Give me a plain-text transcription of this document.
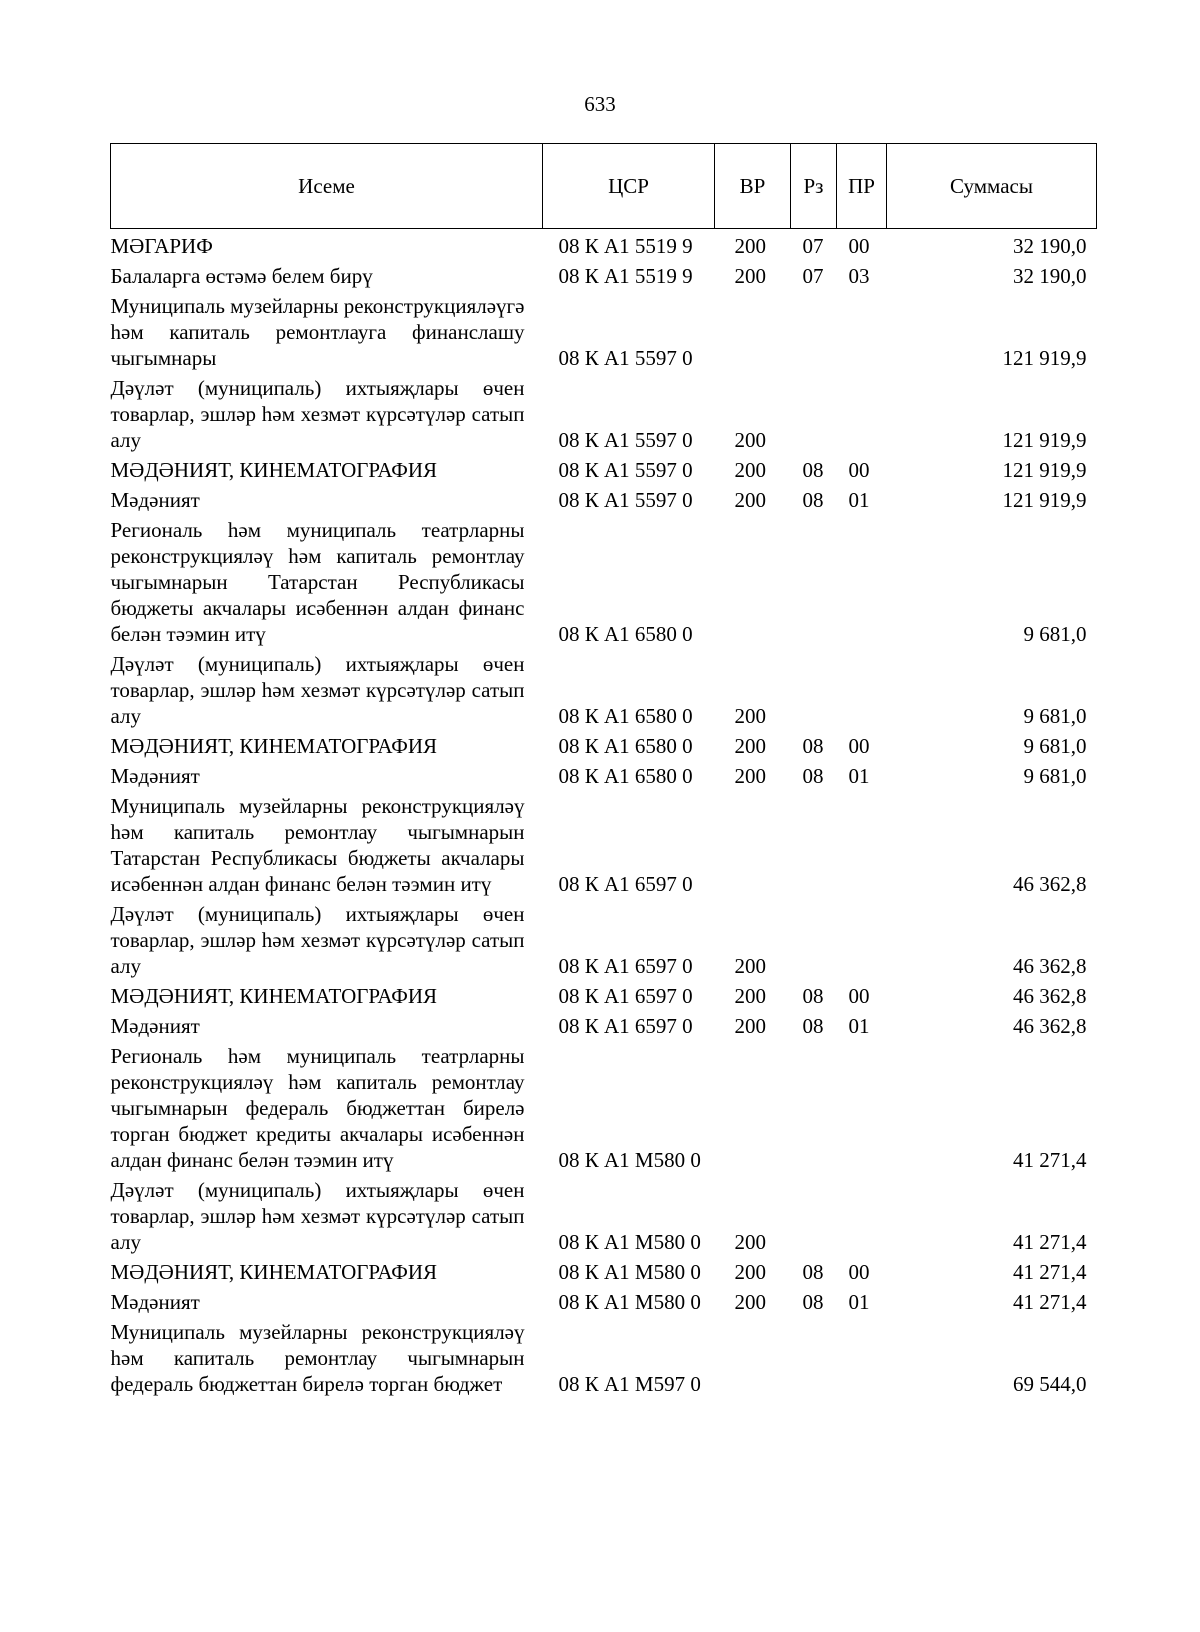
633
Исеме	ЦСР	ВР	Рз	ПР	Суммасы
МӘГАРИФ	08 К А1 5519 9	200	07	00	32 190,0
Балаларга өстәмә белем бирү	08 К А1 5519 9	200	07	03	32 190,0
Муниципаль музейларны реконструкцияләүгә һәм капиталь ремонтлауга финанслашу чыгымнары	08 К А1 5597 0				121 919,9
Дәүләт (муниципаль) ихтыяҗлары өчен товарлар, эшләр һәм хезмәт күрсәтүләр сатып алу	08 К А1 5597 0	200			121 919,9
МӘДӘНИЯТ, КИНЕМАТОГРАФИЯ	08 К А1 5597 0	200	08	00	121 919,9
Мәдәният	08 К А1 5597 0	200	08	01	121 919,9
Региональ һәм муниципаль театрларны реконструкцияләү һәм капиталь ремонтлау чыгымнарын Татарстан Республикасы бюджеты акчалары исәбеннән алдан финанс белән тәэмин итү	08 К А1 6580 0				9 681,0
Дәүләт (муниципаль) ихтыяҗлары өчен товарлар, эшләр һәм хезмәт күрсәтүләр сатып алу	08 К А1 6580 0	200			9 681,0
МӘДӘНИЯТ, КИНЕМАТОГРАФИЯ	08 К А1 6580 0	200	08	00	9 681,0
Мәдәният	08 К А1 6580 0	200	08	01	9 681,0
Муниципаль музейларны реконструкцияләү һәм капиталь ремонтлау чыгымнарын Татарстан Республикасы бюджеты акчалары исәбеннән алдан финанс белән тәэмин итү	08 К А1 6597 0				46 362,8
Дәүләт (муниципаль) ихтыяҗлары өчен товарлар, эшләр һәм хезмәт күрсәтүләр сатып алу	08 К А1 6597 0	200			46 362,8
МӘДӘНИЯТ, КИНЕМАТОГРАФИЯ	08 К А1 6597 0	200	08	00	46 362,8
Мәдәният	08 К А1 6597 0	200	08	01	46 362,8
Региональ һәм муниципаль театрларны реконструкцияләү һәм капиталь ремонтлау чыгымнарын федераль бюджеттан бирелә торган бюджет кредиты акчалары исәбеннән алдан финанс белән тәэмин итү	08 К А1 М580 0				41 271,4
Дәүләт (муниципаль) ихтыяҗлары өчен товарлар, эшләр һәм хезмәт күрсәтүләр сатып алу	08 К А1 М580 0	200			41 271,4
МӘДӘНИЯТ, КИНЕМАТОГРАФИЯ	08 К А1 М580 0	200	08	00	41 271,4
Мәдәният	08 К А1 М580 0	200	08	01	41 271,4
Муниципаль музейларны реконструкцияләү һәм капиталь ремонтлау чыгымнарын федераль бюджеттан бирелә торган бюджет	08 К А1 М597 0				69 544,0
